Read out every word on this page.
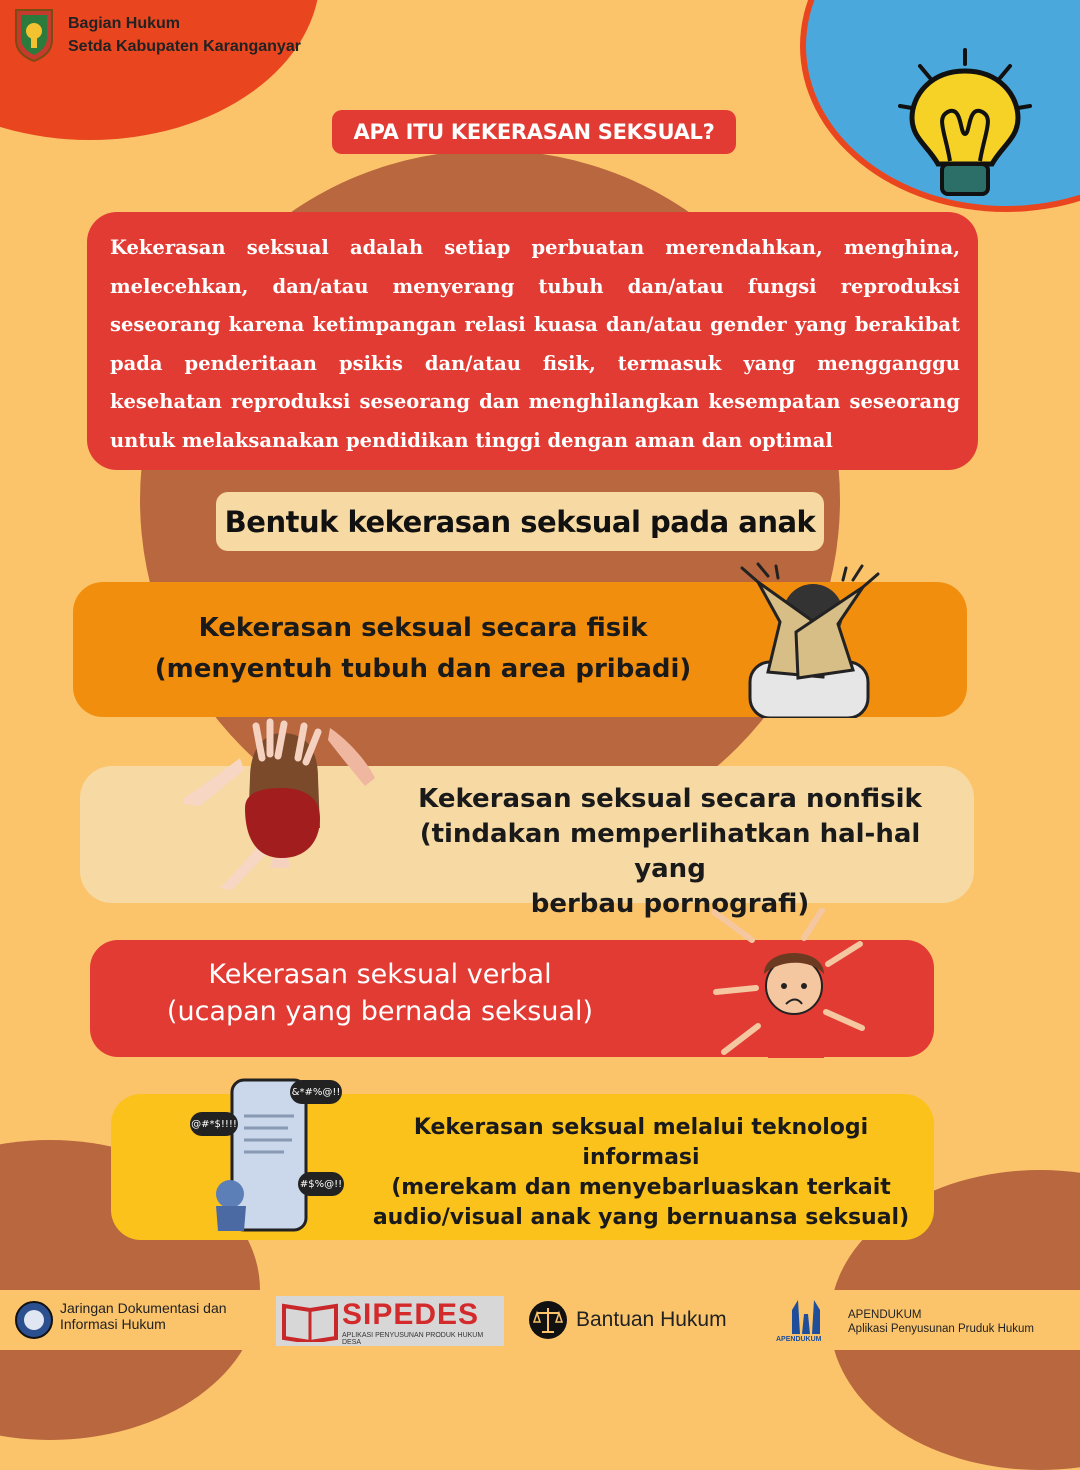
Bagian Hukum
Setda Kabupaten Karanganyar
APA ITU KEKERASAN SEKSUAL?
Kekerasan seksual adalah setiap perbuatan merendahkan, menghina, melecehkan, dan/atau menyerang tubuh dan/atau fungsi reproduksi seseorang karena ketimpangan relasi kuasa dan/atau gender yang berakibat pada penderitaan psikis dan/atau fisik, termasuk yang mengganggu kesehatan reproduksi seseorang dan menghilangkan kesempatan seseorang untuk melaksanakan pendidikan tinggi dengan aman dan optimal
Bentuk kekerasan seksual pada anak
Kekerasan seksual secara fisik
(menyentuh tubuh dan area pribadi)
Kekerasan seksual secara nonfisik
(tindakan memperlihatkan hal-hal yang
berbau pornografi)
Kekerasan seksual verbal
(ucapan yang bernada seksual)
Kekerasan seksual melalui teknologi informasi
(merekam dan menyebarluaskan terkait
audio/visual anak yang bernuansa seksual)
&*#%@!!
@#*$!!!!
#$%@!!
Jaringan Dokumentasi dan
Informasi Hukum	SIPEDES
APLIKASI PENYUSUNAN PRODUK HUKUM DESA
Bantuan Hukum
APENDUKUM
APENDUKUM
Aplikasi Penyusunan Pruduk Hukum
